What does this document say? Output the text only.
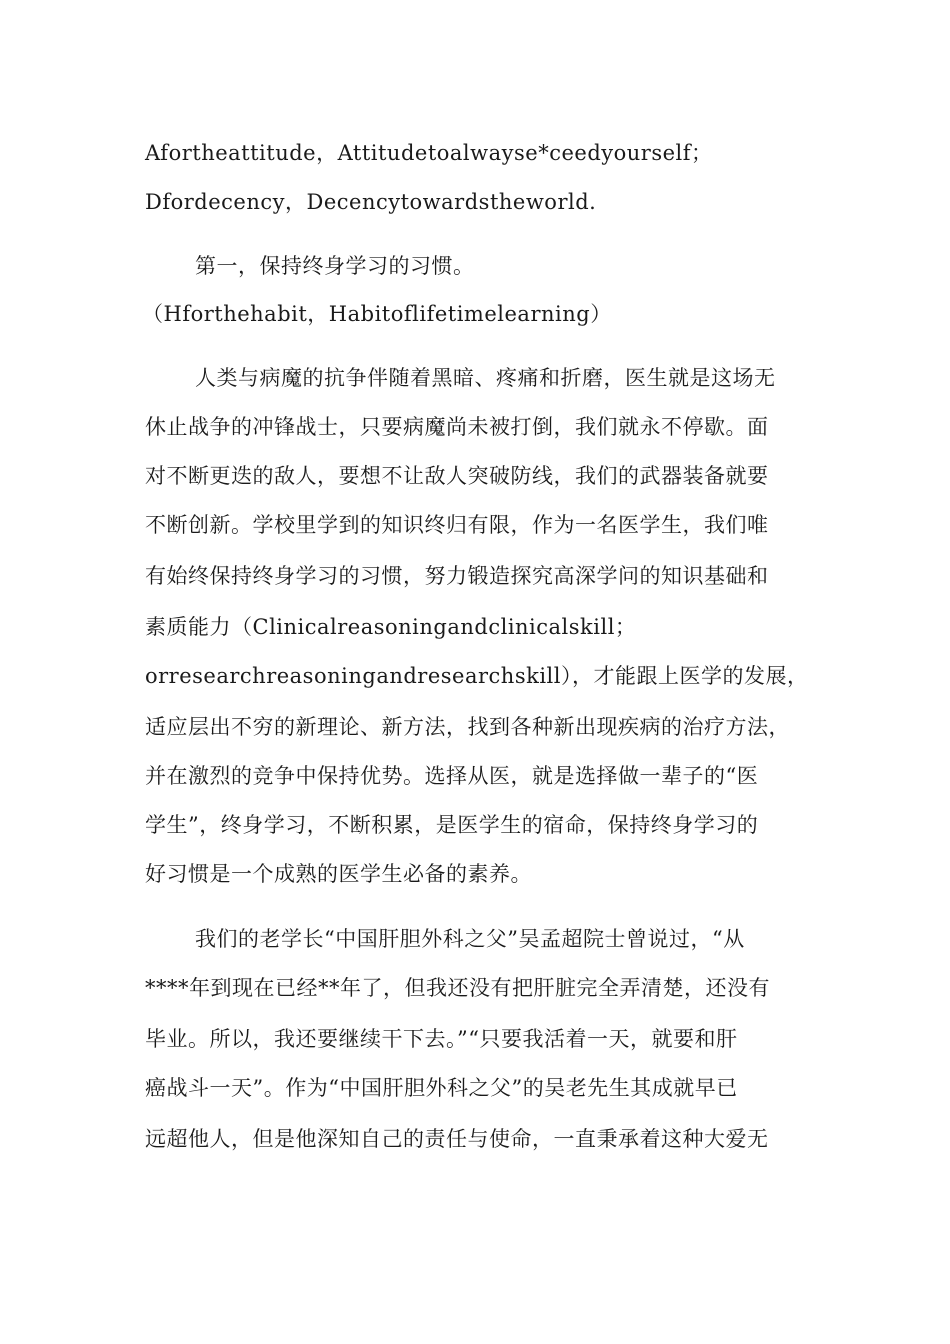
Afortheattitude，Attitudetoalwayse*ceedyourself；
Dfordecency，Decencytowardstheworld.
第一，保持终身学习的习惯。
（Hforthehabit，Habitoflifetimelearning）
人类与病魔的抗争伴随着黑暗、疼痛和折磨，医生就是这场无
休止战争的冲锋战士，只要病魔尚未被打倒，我们就永不停歇。面
对不断更迭的敌人，要想不让敌人突破防线，我们的武器装备就要
不断创新。学校里学到的知识终归有限，作为一名医学生，我们唯
有始终保持终身学习的习惯，努力锻造探究高深学问的知识基础和
素质能力（Clinicalreasoningandclinicalskill；
orresearchreasoningandresearchskill），才能跟上医学的发展，
适应层出不穷的新理论、新方法，找到各种新出现疾病的治疗方法，
并在激烈的竞争中保持优势。选择从医，就是选择做一辈子的“医
学生”，终身学习，不断积累，是医学生的宿命，保持终身学习的
好习惯是一个成熟的医学生必备的素养。
我们的老学长“中国肝胆外科之父”吴孟超院士曾说过，“从
****年到现在已经**年了，但我还没有把肝脏完全弄清楚，还没有
毕业。所以，我还要继续干下去。”“只要我活着一天，就要和肝
癌战斗一天”。作为“中国肝胆外科之父”的吴老先生其成就早已
远超他人，但是他深知自己的责任与使命，一直秉承着这种大爱无
